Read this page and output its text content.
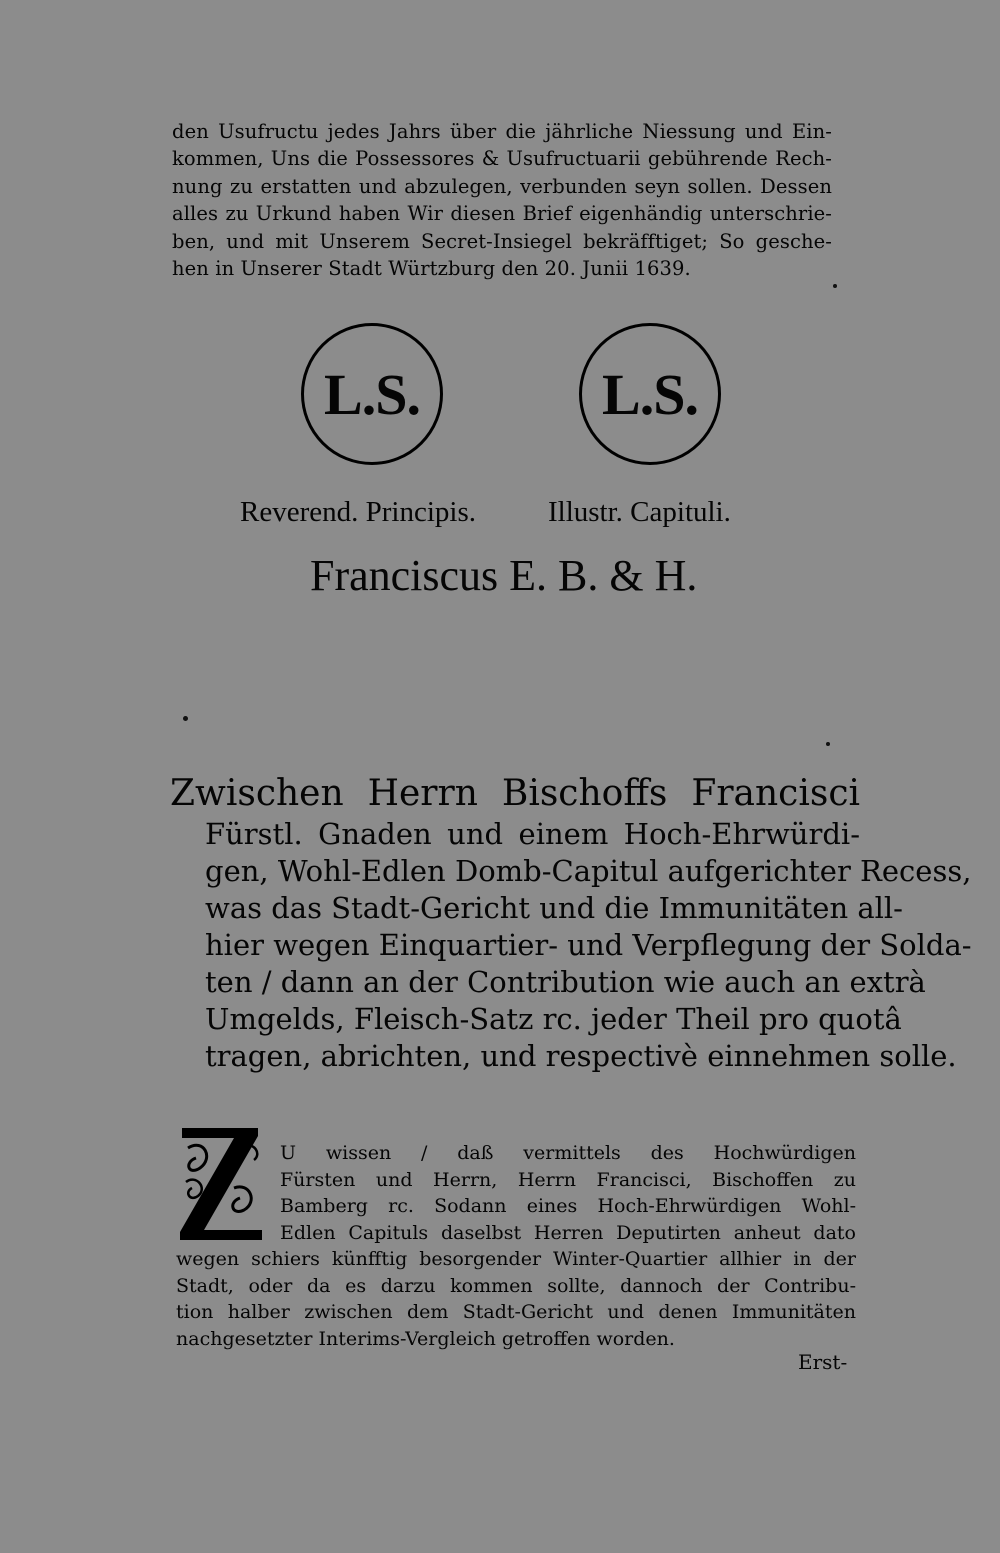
den Usufructu jedes Jahrs über die jährliche Niessung und Ein-
kommen, Uns die Possessores & Usufructuarii gebührende Rech-
nung zu erstatten und abzulegen, verbunden seyn sollen. Dessen
alles zu Urkund haben Wir diesen Brief eigenhändig unterschrie-
ben, und mit Unserem Secret-Insiegel bekräfftiget; So gesche-
hen in Unserer Stadt Würtzburg den 20. Junii 1639.
L.S.	L.S.
Reverend. Principis. Illustr. Capituli.
Franciscus E. B. & H.
Zwischen Herrn Bischoffs Francisci
Fürstl. Gnaden und einem Hoch-Ehrwürdi-
gen, Wohl-Edlen Domb-Capitul aufgerichter Recess,
was das Stadt-Gericht und die Immunitäten all-
hier wegen Einquartier- und Verpflegung der Solda-
ten / dann an der Contribution wie auch an extrà
Umgelds, Fleisch-Satz rc. jeder Theil pro quotâ
tragen, abrichten, und respectivè einnehmen solle.
U wissen / daß vermittels des Hochwürdigen
Fürsten und Herrn, Herrn Francisci, Bischoffen zu
Bamberg rc. Sodann eines Hoch-Ehrwürdigen Wohl-
Edlen Capituls daselbst Herren Deputirten anheut dato
wegen schiers künfftig besorgender Winter-Quartier allhier in der
Stadt, oder da es darzu kommen sollte, dannoch der Contribu-
tion halber zwischen dem Stadt-Gericht und denen Immunitäten
nachgesetzter Interims-Vergleich getroffen worden.
Erst-
